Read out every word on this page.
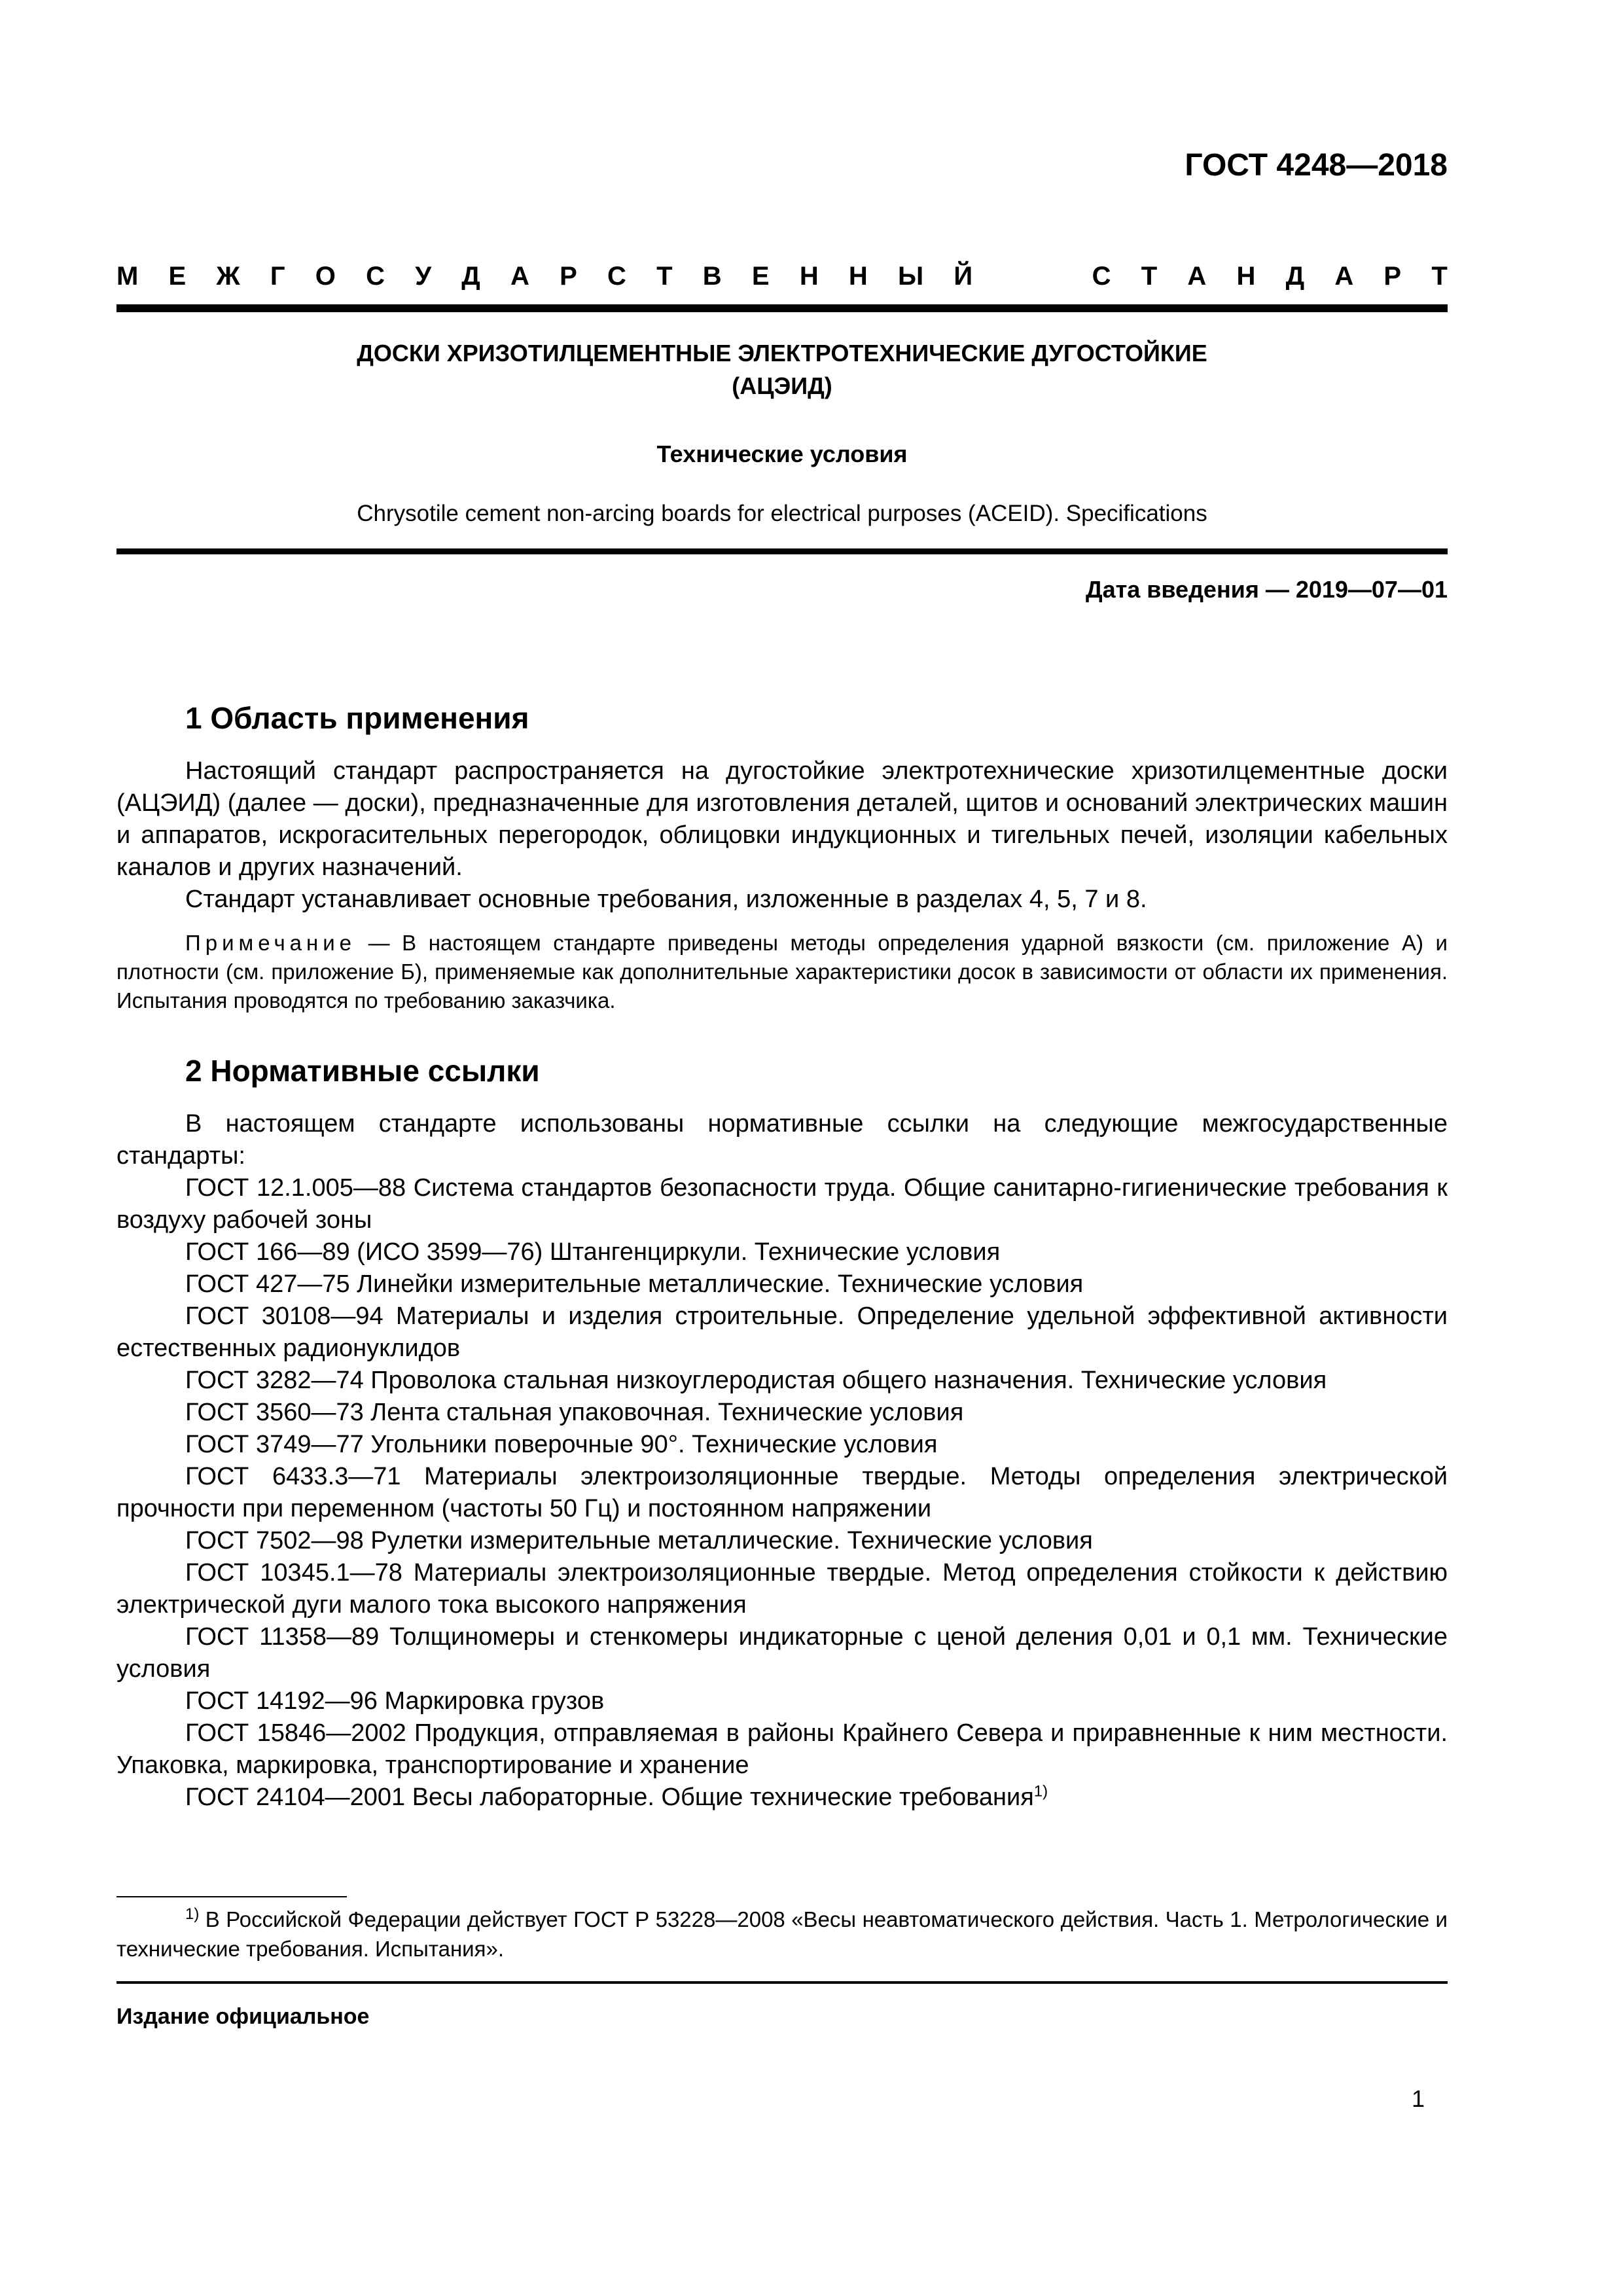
ГОСТ 4248—2018
М Е Ж Г О С У Д А Р С Т В Е Н Н Ы Й	С Т А Н Д А Р Т
ДОСКИ ХРИЗОТИЛЦЕМЕНТНЫЕ ЭЛЕКТРОТЕХНИЧЕСКИЕ ДУГОСТОЙКИЕ
(АЦЭИД)
Технические условия
Chrysotile cement non-arcing boards for electrical purposes (ACEID). Specifications
Дата введения — 2019—07—01
1 Область применения

Настоящий стандарт распространяется на дугостойкие электротехнические хризотилцементные доски (АЦЭИД) (далее — доски), предназначенные для изготовления деталей, щитов и оснований электрических машин и аппаратов, искрогасительных перегородок, облицовки индукционных и тигельных печей, изоляции кабельных каналов и других назначений.

Стандарт устанавливает основные требования, изложенные в разделах 4, 5, 7 и 8.

Примечание — В настоящем стандарте приведены методы определения ударной вязкости (см. приложение А) и плотности (см. приложение Б), применяемые как дополнительные характеристики досок в зависимости от области их применения. Испытания проводятся по требованию заказчика.

2 Нормативные ссылки

В настоящем стандарте использованы нормативные ссылки на следующие межгосударственные стандарты:

ГОСТ 12.1.005—88 Система стандартов безопасности труда. Общие санитарно-гигиенические требования к воздуху рабочей зоны

ГОСТ 166—89 (ИСО 3599—76) Штангенциркули. Технические условия

ГОСТ 427—75 Линейки измерительные металлические. Технические условия

ГОСТ 30108—94 Материалы и изделия строительные. Определение удельной эффективной активности естественных радионуклидов

ГОСТ 3282—74 Проволока стальная низкоуглеродистая общего назначения. Технические условия

ГОСТ 3560—73 Лента стальная упаковочная. Технические условия

ГОСТ 3749—77 Угольники поверочные 90°. Технические условия

ГОСТ 6433.3—71 Материалы электроизоляционные твердые. Методы определения электрической прочности при переменном (частоты 50 Гц) и постоянном напряжении

ГОСТ 7502—98 Рулетки измерительные металлические. Технические условия

ГОСТ 10345.1—78 Материалы электроизоляционные твердые. Метод определения стойкости к действию электрической дуги малого тока высокого напряжения

ГОСТ 11358—89 Толщиномеры и стенкомеры индикаторные с ценой деления 0,01 и 0,1 мм. Технические условия

ГОСТ 14192—96 Маркировка грузов

ГОСТ 15846—2002 Продукция, отправляемая в районы Крайнего Севера и приравненные к ним местности. Упаковка, маркировка, транспортирование и хранение

ГОСТ 24104—2001 Весы лабораторные. Общие технические требования$^{1)}$

$^{1)}$ В Российской Федерации действует ГОСТ Р 53228—2008 «Весы неавтоматического действия. Часть 1. Метрологические и технические требования. Испытания».
Издание официальное
1
